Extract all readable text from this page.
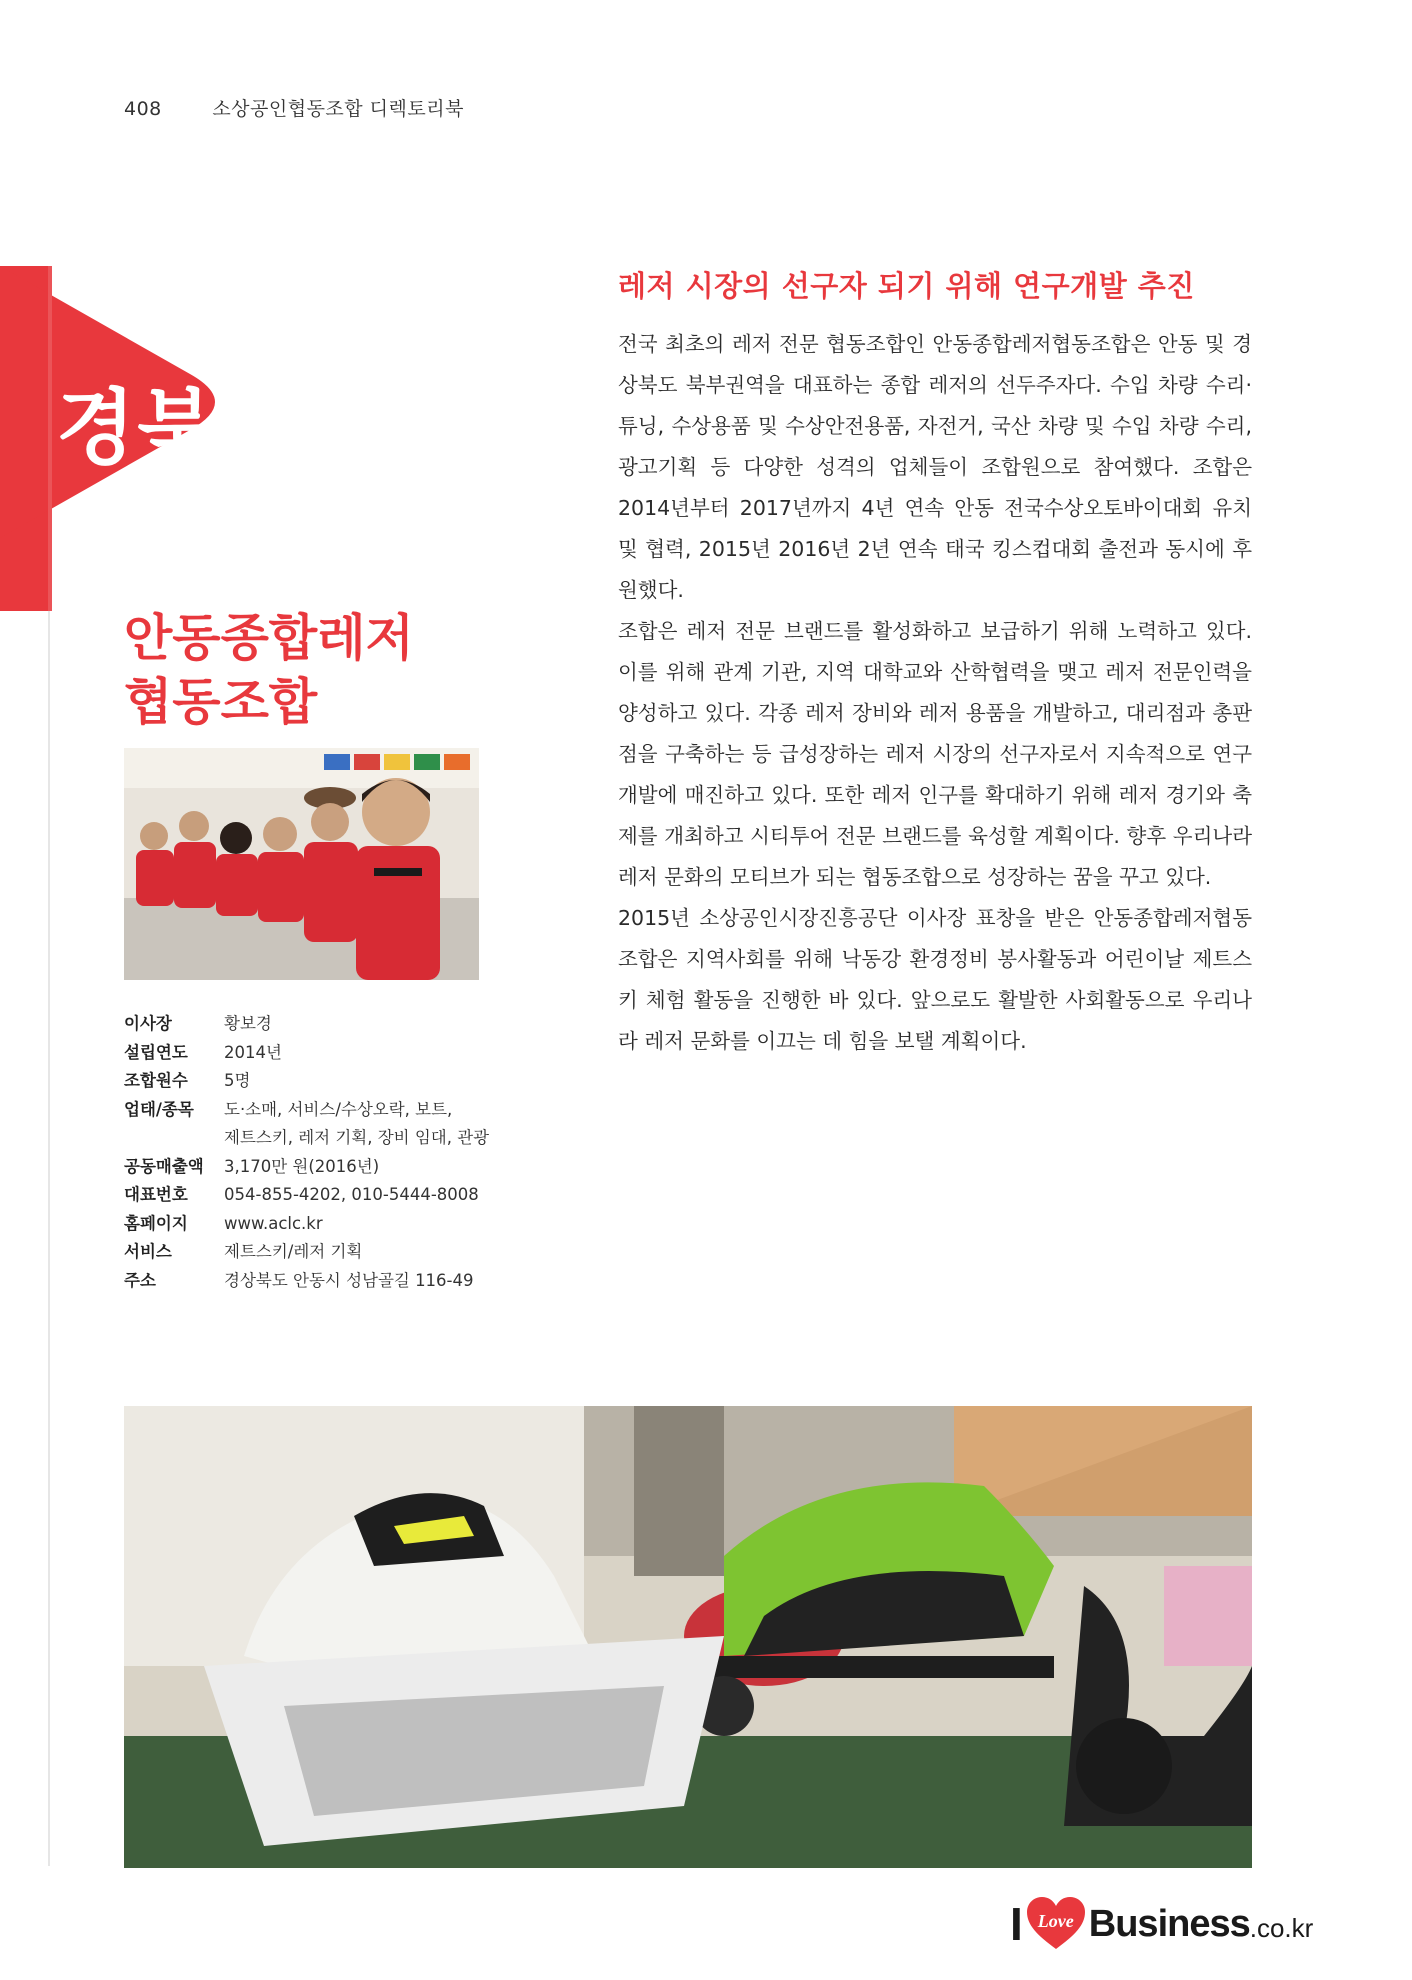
408	소상공인협동조합 디렉토리북
경북
안동종합레저
협동조합
이사장	황보경
설립연도	2014년
조합원수	5명
업태/종목	도·소매, 서비스/수상오락, 보트,
제트스키, 레저 기획, 장비 임대, 관광
공동매출액	3,170만 원(2016년)
대표번호	054-855-4202, 010-5444-8008
홈페이지	www.aclc.kr
서비스	제트스키/레저 기획
주소	경상북도 안동시 성남골길 116-49
레저 시장의 선구자 되기 위해 연구개발 추진

전국 최초의 레저 전문 협동조합인 안동종합레저협동조합은 안동 및 경상북도 북부권역을 대표하는 종합 레저의 선두주자다. 수입 차량 수리·튜닝, 수상용품 및 수상안전용품, 자전거, 국산 차량 및 수입 차량 수리, 광고기획 등 다양한 성격의 업체들이 조합원으로 참여했다. 조합은 2014년부터 2017년까지 4년 연속 안동 전국수상오토바이대회 유치 및 협력, 2015년 2016년 2년 연속 태국 킹스컵대회 출전과 동시에 후원했다.

조합은 레저 전문 브랜드를 활성화하고 보급하기 위해 노력하고 있다. 이를 위해 관계 기관, 지역 대학교와 산학협력을 맺고 레저 전문인력을 양성하고 있다. 각종 레저 장비와 레저 용품을 개발하고, 대리점과 총판점을 구축하는 등 급성장하는 레저 시장의 선구자로서 지속적으로 연구개발에 매진하고 있다. 또한 레저 인구를 확대하기 위해 레저 경기와 축제를 개최하고 시티투어 전문 브랜드를 육성할 계획이다. 향후 우리나라 레저 문화의 모티브가 되는 협동조합으로 성장하는 꿈을 꾸고 있다.

2015년 소상공인시장진흥공단 이사장 표창을 받은 안동종합레저협동조합은 지역사회를 위해 낙동강 환경정비 봉사활동과 어린이날 제트스키 체험 활동을 진행한 바 있다. 앞으로도 활발한 사회활동으로 우리나라 레저 문화를 이끄는 데 힘을 보탤 계획이다.

I Love Business .co.kr
